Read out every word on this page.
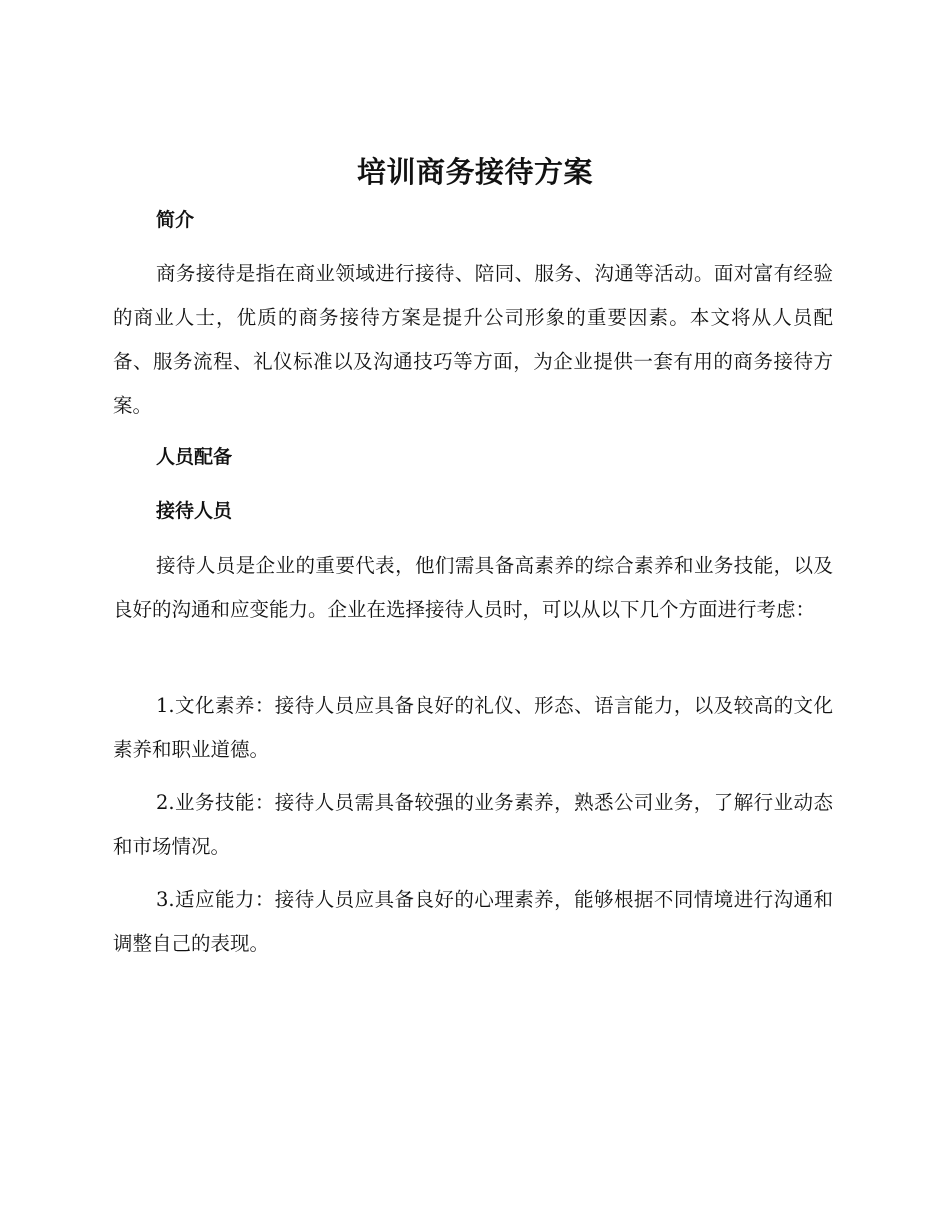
培训商务接待方案
简介

商务接待是指在商业领域进行接待、陪同、服务、沟通等活动。面对富有经验的商业人士，优质的商务接待方案是提升公司形象的重要因素。本文将从人员配备、服务流程、礼仪标准以及沟通技巧等方面，为企业提供一套有用的商务接待方案。

人员配备
接待人员

接待人员是企业的重要代表，他们需具备高素养的综合素养和业务技能，以及良好的沟通和应变能力。企业在选择接待人员时，可以从以下几个方面进行考虑：

1.文化素养：接待人员应具备良好的礼仪、形态、语言能力，以及较高的文化素养和职业道德。

2.业务技能：接待人员需具备较强的业务素养，熟悉公司业务，了解行业动态和市场情况。

3.适应能力：接待人员应具备良好的心理素养，能够根据不同情境进行沟通和调整自己的表现。
